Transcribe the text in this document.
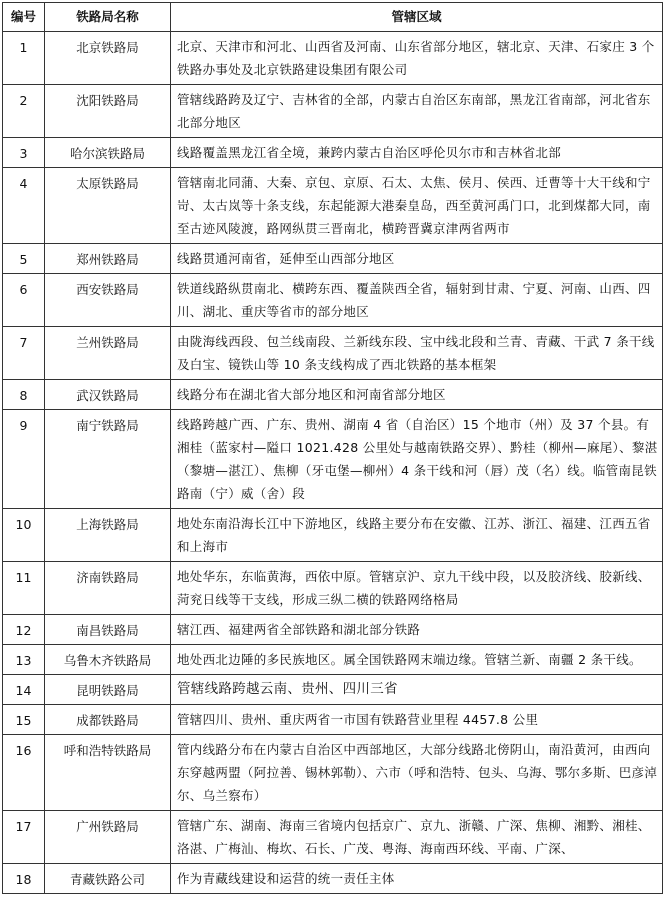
编号	铁路局名称	管辖区域
1	北京铁路局	北京、天津市和河北、山西省及河南、山东省部分地区，辖北京、天津、石家庄 3 个铁路办事处及北京铁路建设集团有限公司
2	沈阳铁路局	管辖线路跨及辽宁、吉林省的全部，内蒙古自治区东南部，黑龙江省南部，河北省东北部分地区
3	哈尔滨铁路局	线路覆盖黑龙江省全境，兼跨内蒙古自治区呼伦贝尔市和吉林省北部
4	太原铁路局	管辖南北同蒲、大秦、京包、京原、石太、太焦、侯月、侯西、迁曹等十大干线和宁岢、太古岚等十条支线，东起能源大港秦皇岛，西至黄河禹门口，北到煤都大同，南至古迹风陵渡，路网纵贯三晋南北，横跨晋冀京津两省两市
5	郑州铁路局	线路贯通河南省，延伸至山西部分地区
6	西安铁路局	铁道线路纵贯南北、横跨东西、覆盖陕西全省，辐射到甘肃、宁夏、河南、山西、四川、湖北、重庆等省市的部分地区
7	兰州铁路局	由陇海线西段、包兰线南段、兰新线东段、宝中线北段和兰青、青藏、干武 7 条干线及白宝、镜铁山等 10 条支线构成了西北铁路的基本框架
8	武汉铁路局	线路分布在湖北省大部分地区和河南省部分地区
9	南宁铁路局	线路跨越广西、广东、贵州、湖南 4 省（自治区）15 个地市（州）及 37 个县。有湘桂（蓝家村—隘口 1021.428 公里处与越南铁路交界）、黔桂（柳州—麻尾）、黎湛（黎塘—湛江）、焦柳（牙屯堡—柳州）4 条干线和河（唇）茂（名）线。临管南昆铁路南（宁）威（舍）段
10	上海铁路局	地处东南沿海长江中下游地区，线路主要分布在安徽、江苏、浙江、福建、江西五省和上海市
11	济南铁路局	地处华东，东临黄海，西依中原。管辖京沪、京九干线中段，以及胶济线、胶新线、菏兖日线等干支线，形成三纵二横的铁路网络格局
12	南昌铁路局	辖江西、福建两省全部铁路和湖北部分铁路
13	乌鲁木齐铁路局	地处西北边陲的多民族地区。属全国铁路网末端边缘。管辖兰新、南疆 2 条干线。
14	昆明铁路局	管辖线路跨越云南、贵州、四川三省
15	成都铁路局	管辖四川、贵州、重庆两省一市国有铁路营业里程 4457.8 公里
16	呼和浩特铁路局	管内线路分布在内蒙古自治区中西部地区，大部分线路北傍阴山，南沿黄河，由西向东穿越两盟（阿拉善、锡林郭勒）、六市（呼和浩特、包头、乌海、鄂尔多斯、巴彦淖尔、乌兰察布）
17	广州铁路局	管辖广东、湖南、海南三省境内包括京广、京九、浙赣、广深、焦柳、湘黔、湘桂、洛湛、广梅汕、梅坎、石长、广茂、粤海、海南西环线、平南、广深、
18	青藏铁路公司	作为青藏线建设和运营的统一责任主体
